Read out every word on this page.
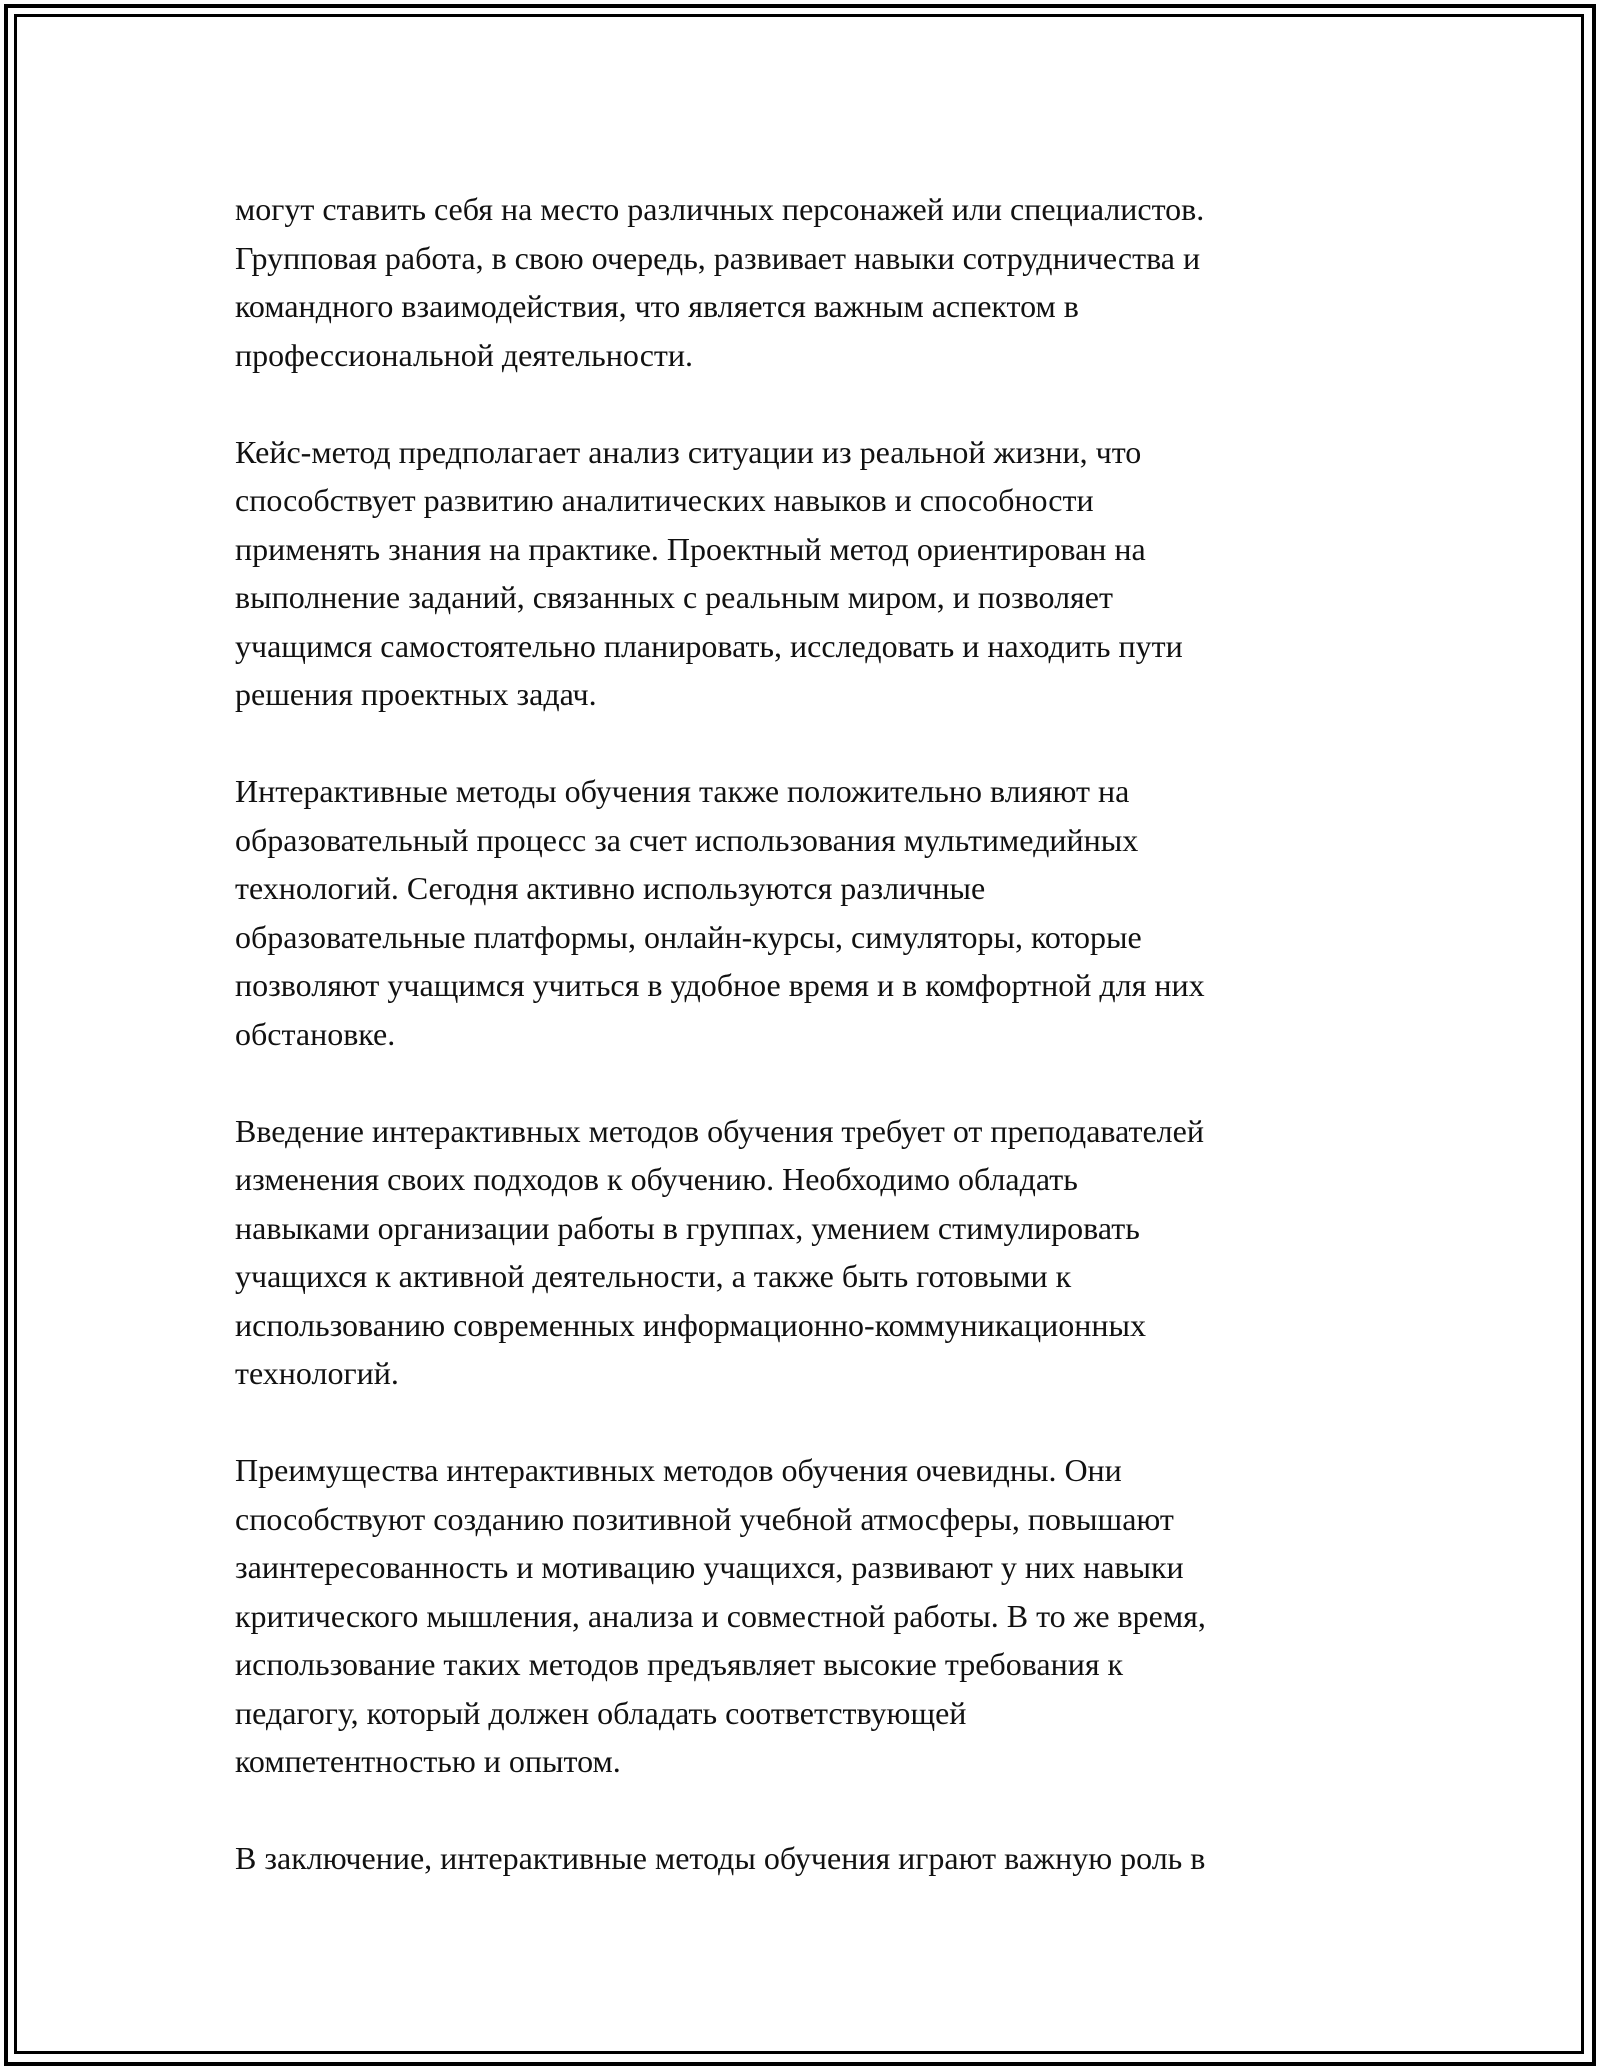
могут ставить себя на место различных персонажей или специалистов.
Групповая работа, в свою очередь, развивает навыки сотрудничества и
командного взаимодействия, что является важным аспектом в
профессиональной деятельности.
Кейс-метод предполагает анализ ситуации из реальной жизни, что
способствует развитию аналитических навыков и способности
применять знания на практике. Проектный метод ориентирован на
выполнение заданий, связанных с реальным миром, и позволяет
учащимся самостоятельно планировать, исследовать и находить пути
решения проектных задач.
Интерактивные методы обучения также положительно влияют на
образовательный процесс за счет использования мультимедийных
технологий. Сегодня активно используются различные
образовательные платформы, онлайн-курсы, симуляторы, которые
позволяют учащимся учиться в удобное время и в комфортной для них
обстановке.
Введение интерактивных методов обучения требует от преподавателей
изменения своих подходов к обучению. Необходимо обладать
навыками организации работы в группах, умением стимулировать
учащихся к активной деятельности, а также быть готовыми к
использованию современных информационно-коммуникационных
технологий.
Преимущества интерактивных методов обучения очевидны. Они
способствуют созданию позитивной учебной атмосферы, повышают
заинтересованность и мотивацию учащихся, развивают у них навыки
критического мышления, анализа и совместной работы. В то же время,
использование таких методов предъявляет высокие требования к
педагогу, который должен обладать соответствующей
компетентностью и опытом.
В заключение, интерактивные методы обучения играют важную роль в
